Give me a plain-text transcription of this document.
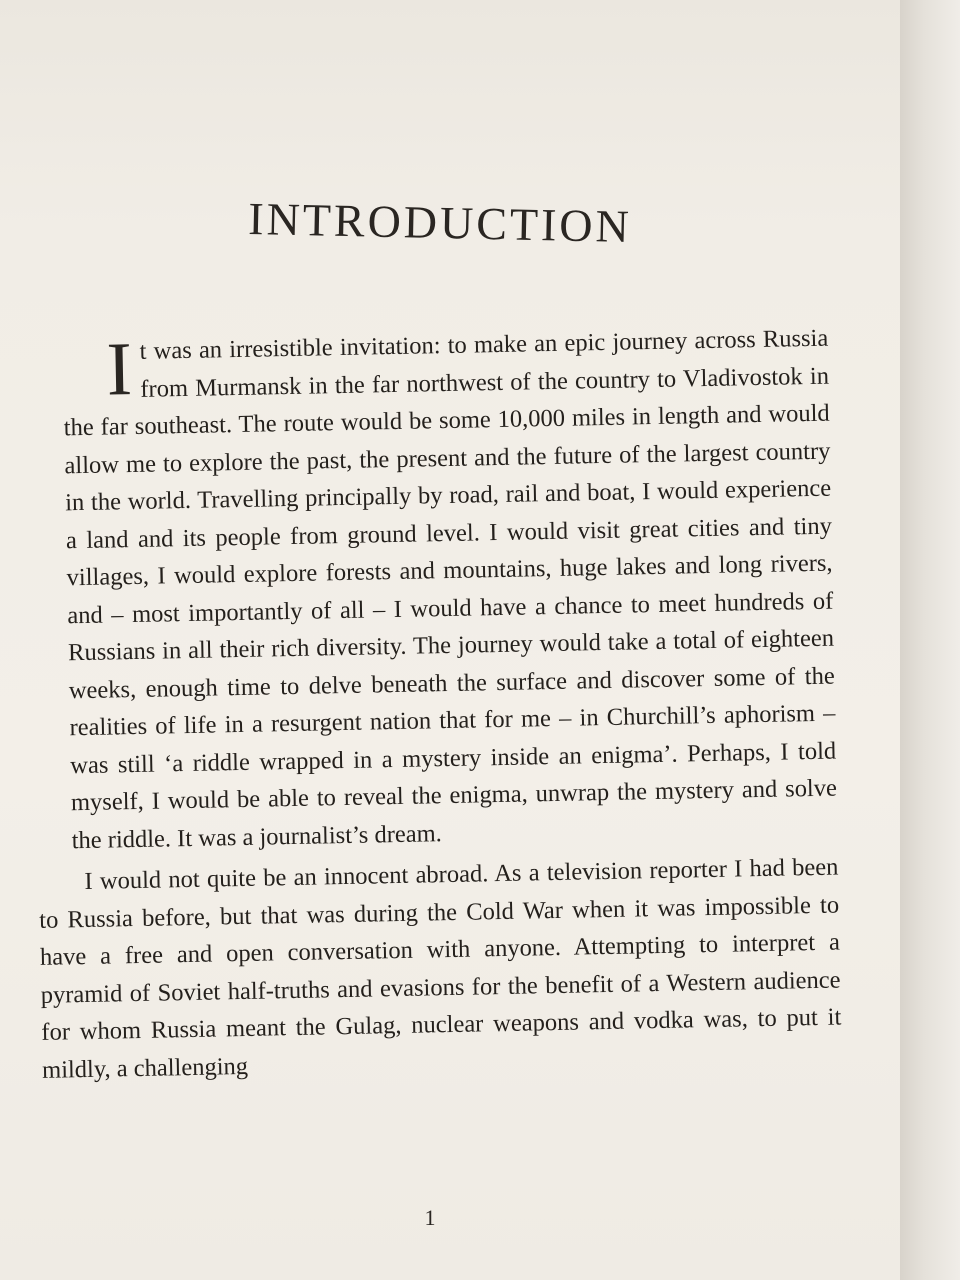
INTRODUCTION

It was an irresistible invitation: to make an epic journey across Russia from Murmansk in the far northwest of the country to Vladivostok in the far southeast. The route would be some 10,000 miles in length and would allow me to explore the past, the present and the future of the largest country in the world. Travelling principally by road, rail and boat, I would experience a land and its people from ground level. I would visit great cities and tiny villages, I would explore forests and mountains, huge lakes and long rivers, and – most importantly of all – I would have a chance to meet hundreds of Russians in all their rich diversity. The journey would take a total of eighteen weeks, enough time to delve beneath the surface and discover some of the realities of life in a resurgent nation that for me – in Churchill’s aphorism – was still ‘a riddle wrapped in a mystery inside an enigma’. Perhaps, I told myself, I would be able to reveal the enigma, unwrap the mystery and solve the riddle. It was a journalist’s dream.

I would not quite be an innocent abroad. As a television reporter I had been to Russia before, but that was during the Cold War when it was impossible to have a free and open conversation with anyone. Attempting to interpret a pyramid of Soviet half-truths and evasions for the benefit of a Western audience for whom Russia meant the Gulag, nuclear weapons and vodka was, to put it mildly, a challenging

1
